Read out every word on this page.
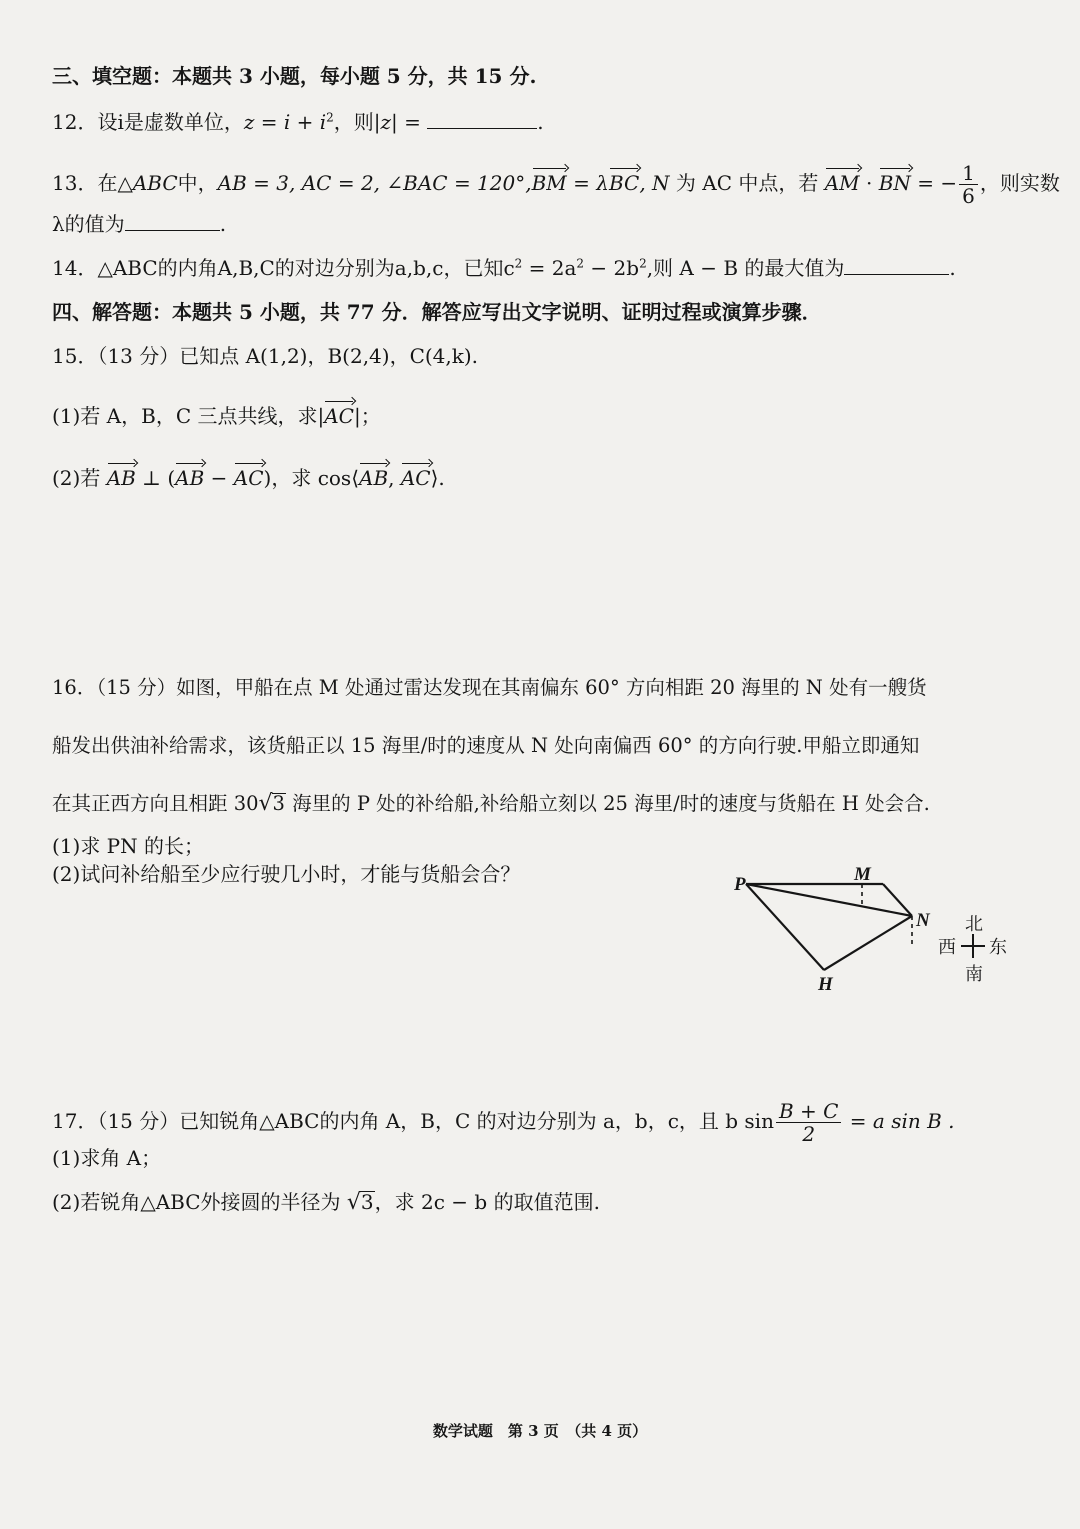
三、填空题：本题共 3 小题，每小题 5 分，共 15 分.
12．设i是虚数单位，$z = i + i^2$，则|z| =	.
13．在△ABC中，AB = 3, AC = 2, ∠BAC = 120°,BM = λBC, N 为 AC 中点，若 AM · BN = − $\frac{1}{6}$ ，则实数
λ的值为	.
14．△ABC的内角A,B,C的对边分别为a,b,c，已知$c^2 = 2a^2 - 2b^2$,则 A − B 的最大值为	.
四、解答题：本题共 5 小题，共 77 分．解答应写出文字说明、证明过程或演算步骤．
15．（13 分）已知点 A(1,2)，B(2,4)，C(4,k).
(1)若 A，B，C 三点共线，求|AC|；
(2)若 AB ⊥ (AB − AC)，求 cos⟨AB, AC⟩.
16．（15 分）如图，甲船在点 M 处通过雷达发现在其南偏东 60° 方向相距 20 海里的 N 处有一艘货
船发出供油补给需求，该货船正以 15 海里/时的速度从 N 处向南偏西 60° 的方向行驶.甲船立即通知
在其正西方向且相距 30√3 海里的 P 处的补给船,补给船立刻以 25 海里/时的速度与货船在 H 处会合.
(1)求 PN 的长；
(2)试问补给船至少应行驶几小时，才能与货船会合？	P	M
N
H
北
南
西 东
17．（15 分）已知锐角△ABC的内角 A，B，C 的对边分别为 a，b，c，且 b $\sin \frac{B + C}{2} = a$ sin B .
(1)求角 A；
(2)若锐角△ABC外接圆的半径为 √3，求 2c − b 的取值范围.
数学试题　第 3 页　（共 4 页）
